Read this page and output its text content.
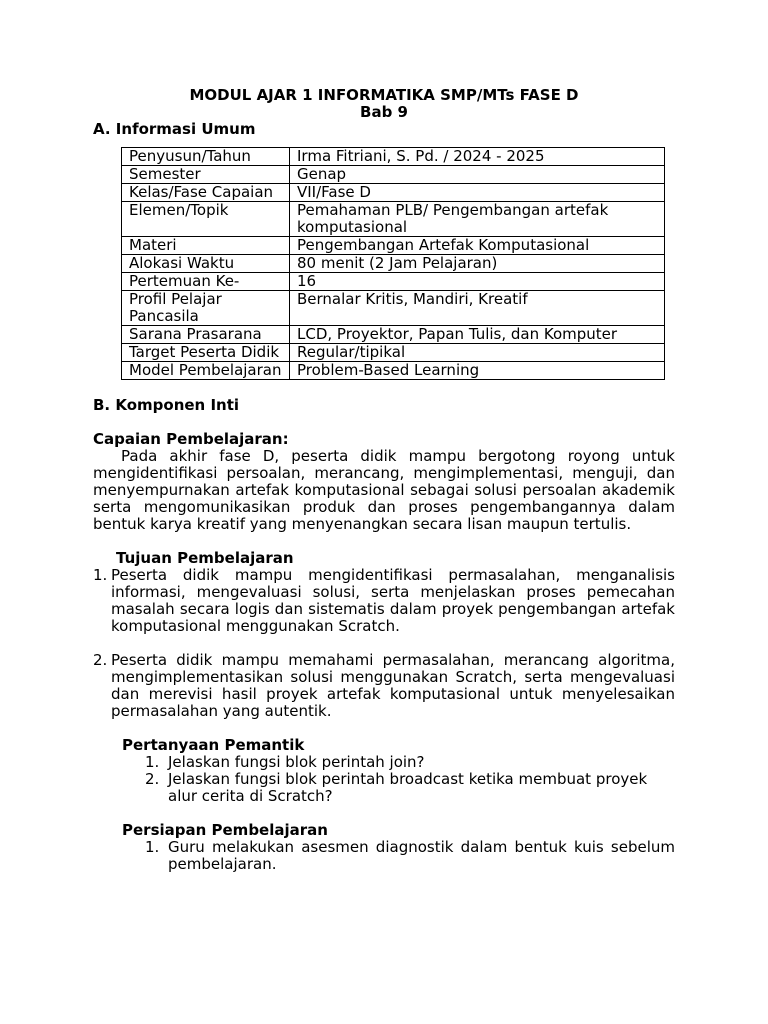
MODUL AJAR 1 INFORMATIKA SMP/MTs FASE D
Bab 9
A. Informasi Umum
Penyusun/Tahun	Irma Fitriani, S. Pd. / 2024 - 2025
Semester	Genap
Kelas/Fase Capaian	VII/Fase D
Elemen/Topik	Pemahaman PLB/ Pengembangan artefak komputasional
Materi	Pengembangan Artefak Komputasional
Alokasi Waktu	80 menit (2 Jam Pelajaran)
Pertemuan Ke-	16
Profil Pelajar Pancasila	Bernalar Kritis, Mandiri, Kreatif
Sarana Prasarana	LCD, Proyektor, Papan Tulis, dan Komputer
Target Peserta Didik	Regular/tipikal
Model Pembelajaran	Problem-Based Learning
B. Komponen Inti
Capaian Pembelajaran:
Pada akhir fase D, peserta didik mampu bergotong royong untuk mengidentifikasi persoalan, merancang, mengimplementasi, menguji, dan menyempurnakan artefak komputasional sebagai solusi persoalan akademik serta mengomunikasikan produk dan proses pengembangannya dalam bentuk karya kreatif yang menyenangkan secara lisan maupun tertulis.
Tujuan Pembelajaran
1. Peserta didik mampu mengidentifikasi permasalahan, menganalisis informasi, mengevaluasi solusi, serta menjelaskan proses pemecahan masalah secara logis dan sistematis dalam proyek pengembangan artefak komputasional menggunakan Scratch.
2. Peserta didik mampu memahami permasalahan, merancang algoritma, mengimplementasikan solusi menggunakan Scratch, serta mengevaluasi dan merevisi hasil proyek artefak komputasional untuk menyelesaikan permasalahan yang autentik.
Pertanyaan Pemantik
1. Jelaskan fungsi blok perintah join?
2. Jelaskan fungsi blok perintah broadcast ketika membuat proyek alur cerita di Scratch?
Persiapan Pembelajaran
1. Guru melakukan asesmen diagnostik dalam bentuk kuis sebelum pembelajaran.
